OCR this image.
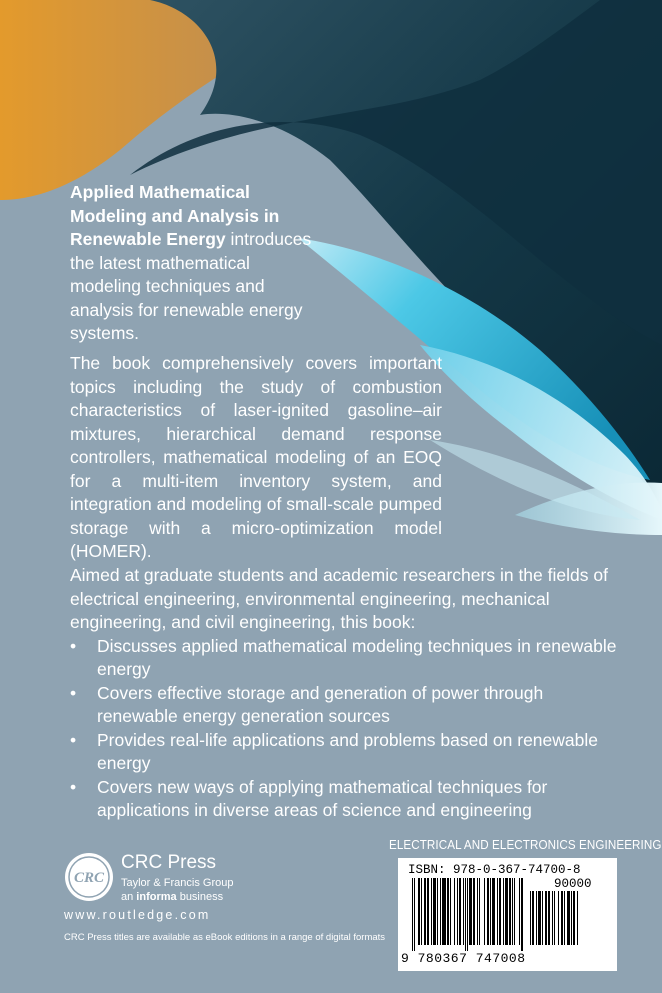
Applied Mathematical Modeling and Analysis in Renewable Energy introduces the latest mathematical modeling techniques and analysis for renewable energy systems.
The book comprehensively covers important topics including the study of combustion characteristics of laser-ignited gasoline–air mixtures, hierarchical demand response controllers, mathematical modeling of an EOQ for a multi-item inventory system, and integration and modeling of small-scale pumped storage with a micro-optimization model (HOMER).
Aimed at graduate students and academic researchers in the fields of electrical engineering, environmental engineering, mechanical engineering, and civil engineering, this book:
• Discusses applied mathematical modeling techniques in renewable energy
• Covers effective storage and generation of power through renewable energy generation sources
• Provides real-life applications and problems based on renewable energy
• Covers new ways of applying mathematical techniques for applications in diverse areas of science and engineering
ELECTRICAL AND ELECTRONICS ENGINEERING
ISBN: 978-0-367-74700-8
90000
9 780367 747008
CRC
CRC Press
Taylor & Francis Group
an informa business
www.routledge.com
CRC Press titles are available as eBook editions in a range of digital formats
